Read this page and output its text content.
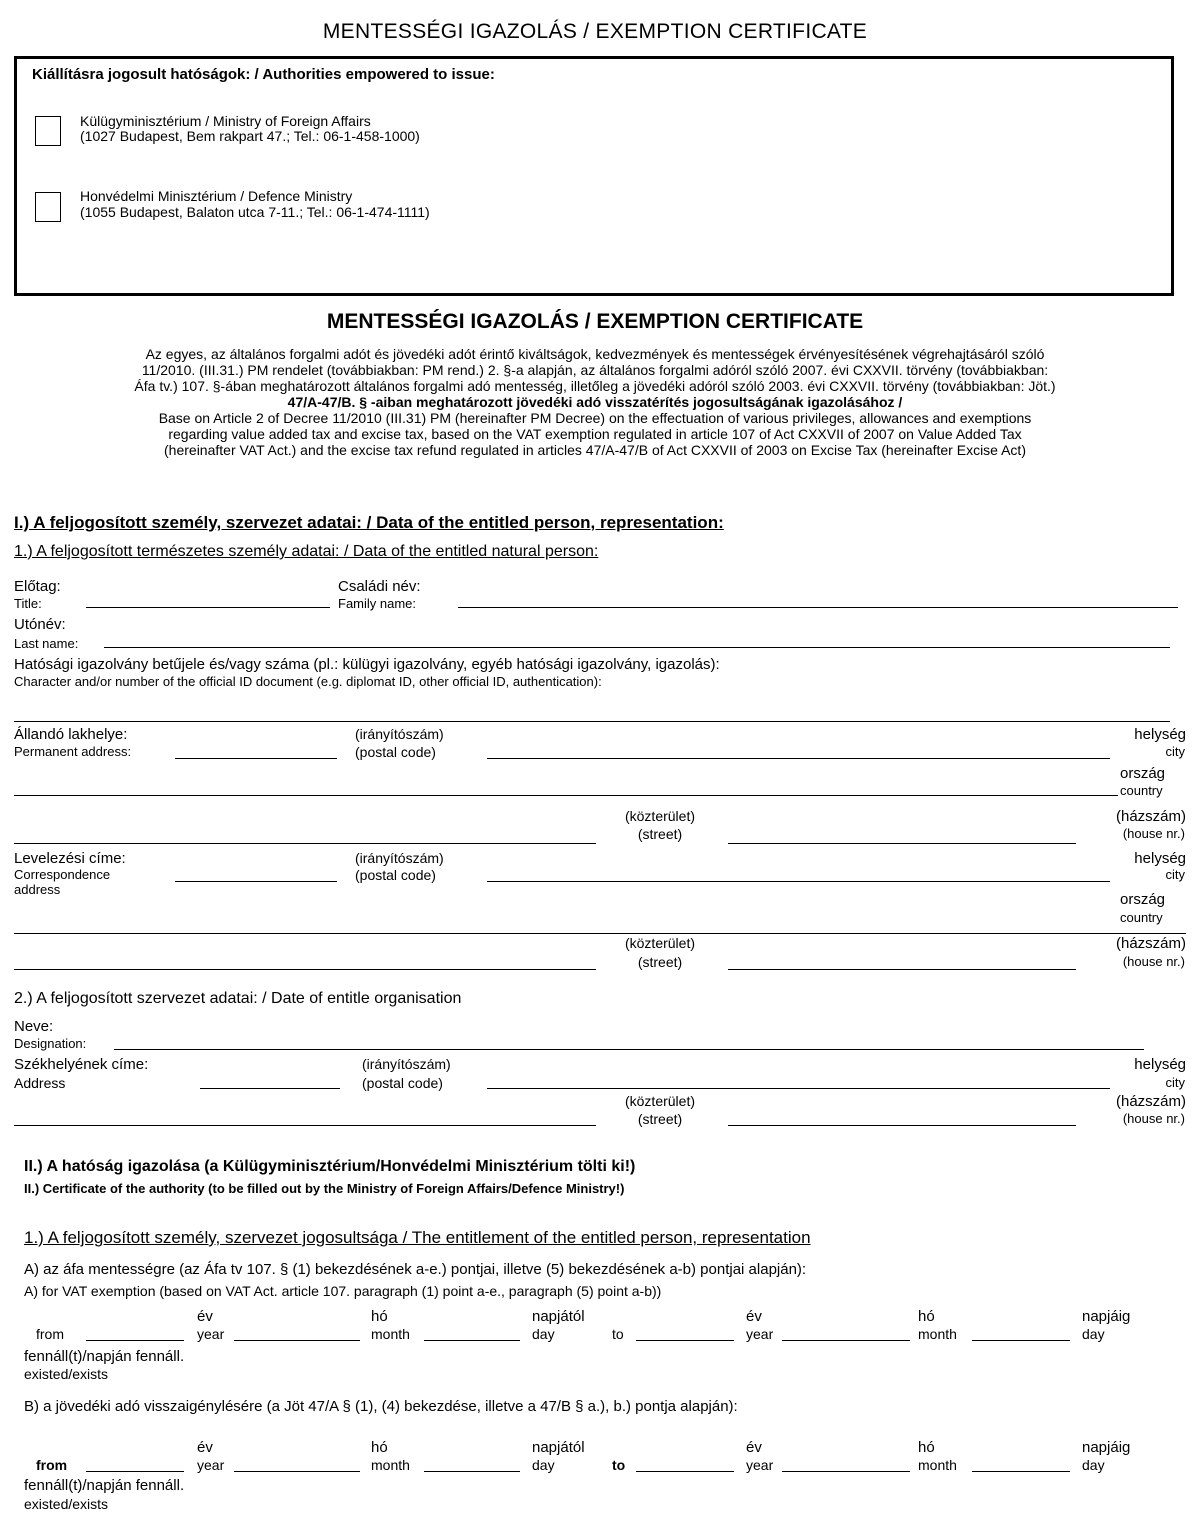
MENTESSÉGI IGAZOLÁS / EXEMPTION CERTIFICATE
Kiállításra jogosult hatóságok: / Authorities empowered to issue:
Külügyminisztérium / Ministry of Foreign Affairs
(1027 Budapest, Bem rakpart 47.; Tel.: 06-1-458-1000)
Honvédelmi Minisztérium / Defence Ministry
(1055 Budapest, Balaton utca 7-11.; Tel.: 06-1-474-1111)
MENTESSÉGI IGAZOLÁS / EXEMPTION CERTIFICATE
Az egyes, az általános forgalmi adót és jövedéki adót érintő kiváltságok, kedvezmények és mentességek érvényesítésének végrehajtásáról szóló
11/2010. (III.31.) PM rendelet (továbbiakban: PM rend.) 2. §-a alapján, az általános forgalmi adóról szóló 2007. évi CXXVII. törvény (továbbiakban:
Áfa tv.) 107. §-ában meghatározott általános forgalmi adó mentesség, illetőleg a jövedéki adóról szóló 2003. évi CXXVII. törvény (továbbiakban: Jöt.)
47/A-47/B. § -aiban meghatározott jövedéki adó visszatérítés jogosultságának igazolásához /
Base on Article 2 of Decree 11/2010 (III.31) PM (hereinafter PM Decree) on the effectuation of various privileges, allowances and exemptions
regarding value added tax and excise tax, based on the VAT exemption regulated in article 107 of Act CXXVII of 2007 on Value Added Tax
(hereinafter VAT Act.) and the excise tax refund regulated in articles 47/A-47/B of Act CXXVII of 2003 on Excise Tax (hereinafter Excise Act)
I.) A feljogosított személy, szervezet adatai: / Data of the entitled person, representation:
1.) A feljogosított természetes személy adatai: / Data of the entitled natural person:
Előtag:
Title:
Családi név:
Family name:
Utónév:
Last name:
Hatósági igazolvány betűjele és/vagy száma (pl.: külügyi igazolvány, egyéb hatósági igazolvány, igazolás):
Character and/or number of the official ID document (e.g. diplomat ID, other official ID, authentication):
Állandó lakhelye:
Permanent address:
(irányítószám)
(postal code)
helység
city
ország
country
(közterület)
(street)
(házszám)
(house nr.)
Levelezési címe:
Correspondence
address
(irányítószám)
(postal code)
helység
city
ország
country
(közterület)
(street)
(házszám)
(house nr.)
2.) A feljogosított szervezet adatai: / Date of entitle organisation
Neve:
Designation:
Székhelyének címe:
Address
(irányítószám)
(postal code)
helység
city
(közterület)
(street)
(házszám)
(house nr.)
II.) A hatóság igazolása (a Külügyminisztérium/Honvédelmi Minisztérium tölti ki!)
II.) Certificate of the authority (to be filled out by the Ministry of Foreign Affairs/Defence Ministry!)
1.) A feljogosított személy, szervezet jogosultsága / The entitlement of the entitled person, representation
A) az áfa mentességre (az Áfa tv 107. § (1) bekezdésének a-e.) pontjai, illetve (5) bekezdésének a-b) pontjai alapján):
A) for VAT exemption (based on VAT Act. article 107. paragraph (1) point a-e., paragraph (5) point a-b))
from
év
year
hó
month
napjától
day	to
év
year
hó
month
napjáig
day
fennáll(t)/napján fennáll.
existed/exists
B) a jövedéki adó visszaigénylésére (a Jöt 47/A § (1), (4) bekezdése, illetve a 47/B § a.), b.) pontja alapján):
from
év
year
hó
month
napjától
day	to
év
year
hó
month
napjáig
day
fennáll(t)/napján fennáll.
existed/exists
